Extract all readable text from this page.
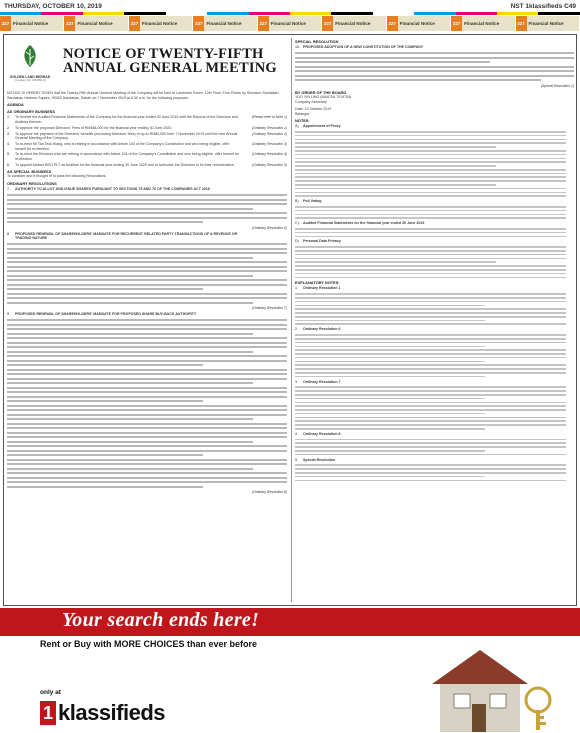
THURSDAY, OCTOBER 10, 2019	NST 1klassifieds C49
227 Financial Notice	227 Financial Notice	227 Financial Notice	227 Financial Notice	227 Financial Notice	227 Financial Notice	227 Financial Notice	227 Financial Notice	227 Financial Notice
GOLDEN LAND BERHAD
(Company No. 1093456-H)
NOTICE OF TWENTY-FIFTH
ANNUAL GENERAL MEETING
NOTICE IS HEREBY GIVEN that the Twenty-Fifth Annual General Meeting of the Company will be held at Landmark Room, 12th Floor, Four Points by Sheraton Sandakan, Sandakan Harbour Square, 90000 Sandakan, Sabah on 7 November 2019 at 8.30 a.m. for the following purposes:
AGENDA
AS ORDINARY BUSINESS
1.	To receive the Audited Financial Statements of the Company for the financial year ended 30 June 2019 with the Reports of the Directors and Auditors thereon.
(Please refer to Note 1)
2.	To approve the proposed Directors' Fees of RM468,000 for the financial year ending 30 June 2020.	(Ordinary Resolution 1)
3.	To approve the payment of the Directors' benefits (excluding Directors' fees) of up to RM80,000 from 7 November 2019 until the next Annual General Meeting of the Company.
(Ordinary Resolution 2)
4.	To re-elect Mr Tan Teck Kiang, who is retiring in accordance with Article 104 of the Company's Constitution and who being eligible, offer herself for re-election.
(Ordinary Resolution 3)
5.	To re-elect the Directors who are retiring in accordance with Article 104 of the Company's Constitution and who being eligible, offer herself for re-election.
(Ordinary Resolution 4)
6.	To appoint Messrs BDO PLT as Auditors for the financial year ending 30 June 2020 and to authorise the Directors to fix their remuneration.	(Ordinary Resolution 5)
AS SPECIAL BUSINESS
To consider and if thought fit to pass the following Resolutions:
ORDINARY RESOLUTIONS
7.	AUTHORITY TO ALLOT AND ISSUE SHARES PURSUANT TO SECTIONS 75 AND 76 OF THE COMPANIES ACT 2016
(Ordinary Resolution 6)
8.	PROPOSED RENEWAL OF SHAREHOLDERS' MANDATE FOR RECURRENT RELATED PARTY TRANSACTIONS OF A REVENUE OR TRADING NATURE
(Ordinary Resolution 7)
9.	PROPOSED RENEWAL OF SHAREHOLDERS' MANDATE FOR PROPOSED SHARE BUY-BACK AUTHORITY
(Ordinary Resolution 8)
SPECIAL RESOLUTION
10. PROPOSED ADOPTION OF A NEW CONSTITUTION OF THE COMPANY
(Special Resolution 1)
BY ORDER OF THE BOARD
YOO YIN LING (MAICSA 7019754)
Company Secretary
Date: 10 October 2019
Balangor
NOTES:
A)	Appointment of Proxy
B)	Poll Voting
C)	Audited Financial Statements for the financial year ended 30 June 2019
D)	Personal Data Privacy
EXPLANATORY NOTES:
1.	Ordinary Resolution 1
2.	Ordinary Resolution 6
3.	Ordinary Resolution 7
4.	Ordinary Resolution 8
5.	Special Resolution
Your search ends here!
Rent or Buy with MORE CHOICES than ever before
only at
1 klassifieds
